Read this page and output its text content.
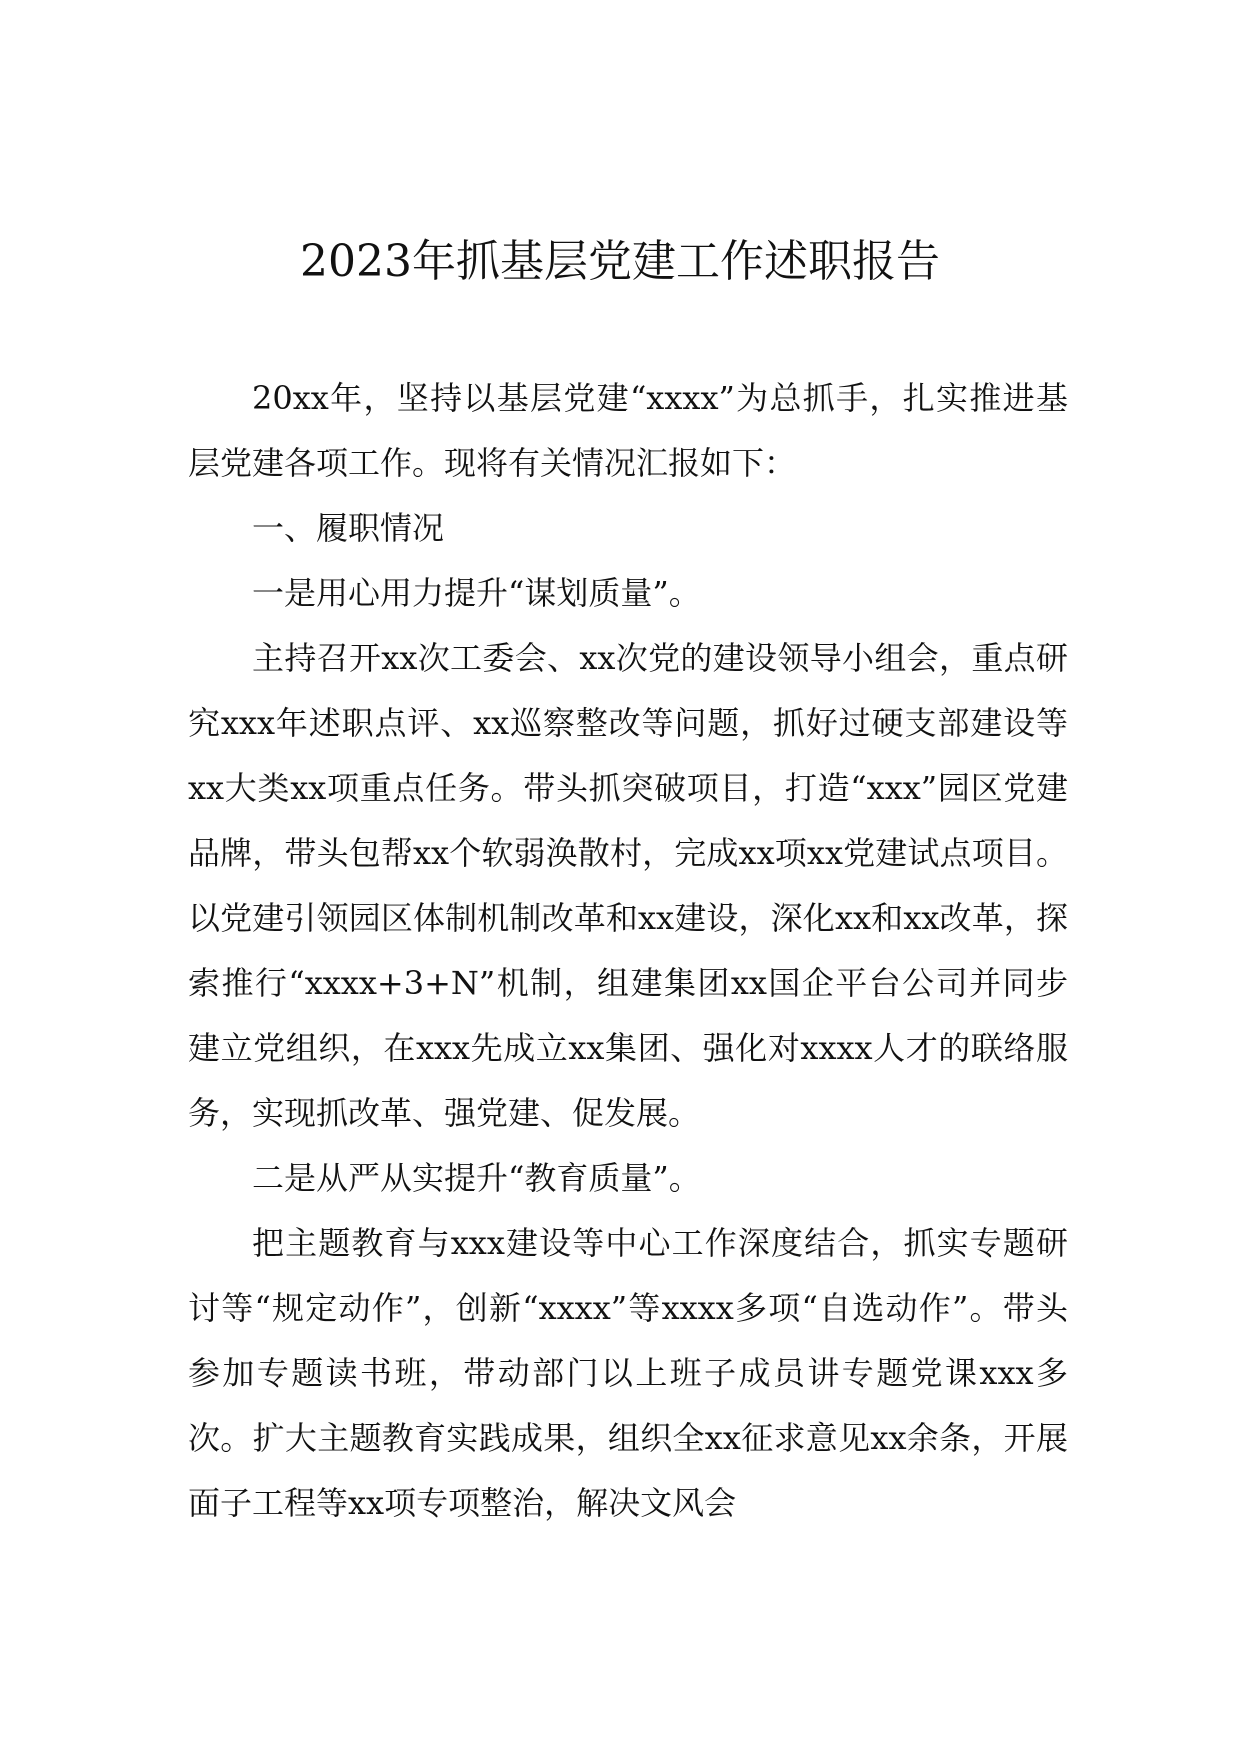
2023年抓基层党建工作述职报告

20xx年，坚持以基层党建“xxxx”为总抓手，扎实推进基层党建各项工作。现将有关情况汇报如下：

一、履职情况

一是用心用力提升“谋划质量”。

主持召开xx次工委会、xx次党的建设领导小组会，重点研究xxx年述职点评、xx巡察整改等问题，抓好过硬支部建设等xx大类xx项重点任务。带头抓突破项目，打造“xxx”园区党建品牌，带头包帮xx个软弱涣散村，完成xx项xx党建试点项目。以党建引领园区体制机制改革和xx建设，深化xx和xx改革，探索推行“xxxx+3+N”机制，组建集团xx国企平台公司并同步建立党组织，在xxx先成立xx集团、强化对xxxx人才的联络服务，实现抓改革、强党建、促发展。

二是从严从实提升“教育质量”。

把主题教育与xxx建设等中心工作深度结合，抓实专题研讨等“规定动作”，创新“xxxx”等xxxx多项“自选动作”。带头参加专题读书班，带动部门以上班子成员讲专题党课xxx多次。扩大主题教育实践成果，组织全xx征求意见xx余条，开展面子工程等xx项专项整治，解决文风会
